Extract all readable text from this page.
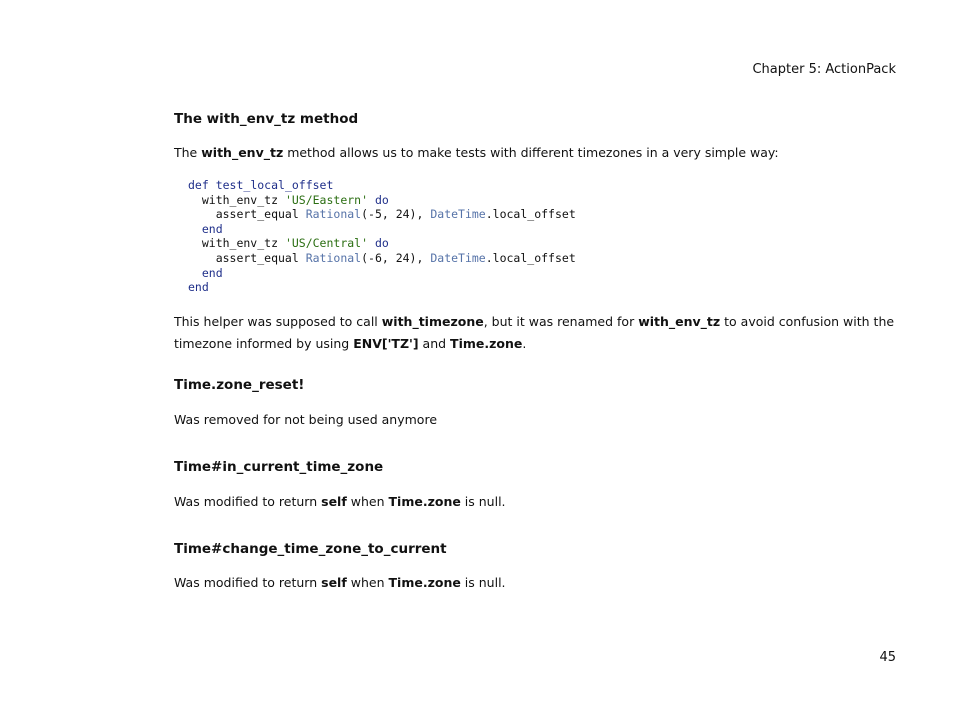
Chapter 5: ActionPack
The with_env_tz method
The with_env_tz method allows us to make tests with different timezones in a very simple way:
def test_local_offset
with_env_tz 'US/Eastern' do
assert_equal Rational(-5, 24), DateTime.local_offset
end
with_env_tz 'US/Central' do
assert_equal Rational(-6, 24), DateTime.local_offset
end
end
This helper was supposed to call with_timezone, but it was renamed for with_env_tz to avoid confusion with the
timezone informed by using ENV['TZ'] and Time.zone.
Time.zone_reset!
Was removed for not being used anymore
Time#in_current_time_zone
Was modified to return self when Time.zone is null.
Time#change_time_zone_to_current
Was modified to return self when Time.zone is null.
45
